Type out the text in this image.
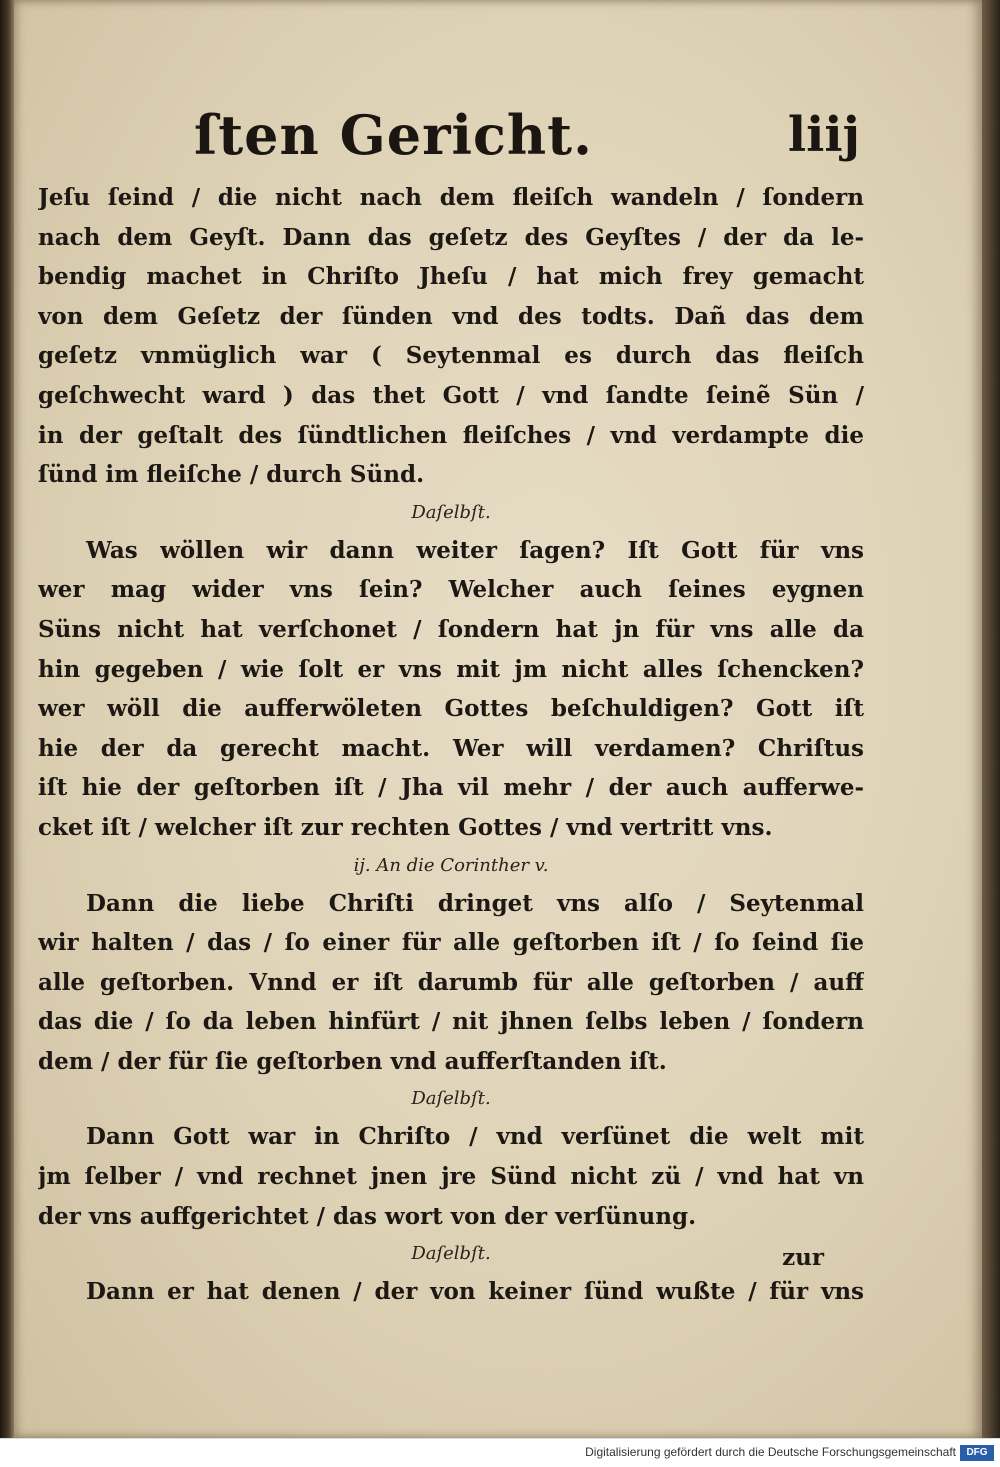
ſten Gericht.	liij
Jeſu ſeind / die nicht nach dem fleiſch wandeln / ſondern
nach dem Geyſt. Dann das geſetz des Geyſtes / der da le-
bendig machet in Chriſto Jheſu / hat mich frey gemacht
von dem Geſetz der ſünden vnd des todts. Dañ das dem
geſetz vnmüglich war ( Seytenmal es durch das fleiſch
geſchwecht ward ) das thet Gott / vnd ſandte ſeinẽ Sün /
in der geſtalt des ſündtlichen fleiſches / vnd verdampte die
ſünd im fleiſche / durch Sünd.
Daſelbſt.
Was wöllen wir dann weiter ſagen? Iſt Gott für vns
wer mag wider vns ſein? Welcher auch ſeines eygnen
Süns nicht hat verſchonet / ſondern hat jn für vns alle da
hin gegeben / wie ſolt er vns mit jm nicht alles ſchencken?
wer wöll die aufferwöleten Gottes beſchuldigen? Gott iſt
hie der da gerecht macht. Wer will verdamen? Chriſtus
iſt hie der geſtorben iſt / Jha vil mehr / der auch aufferwe-
cket iſt / welcher iſt zur rechten Gottes / vnd vertritt vns.
ij. An die Corinther v.
Dann die liebe Chriſti dringet vns alſo / Seytenmal
wir halten / das / ſo einer für alle geſtorben iſt / ſo ſeind ſie
alle geſtorben. Vnnd er iſt darumb für alle geſtorben / auff
das die / ſo da leben hinfürt / nit jhnen ſelbs leben / ſondern
dem / der für ſie geſtorben vnd aufferſtanden iſt.
Daſelbſt.
Dann Gott war in Chriſto / vnd verſünet die welt mit
jm ſelber / vnd rechnet jnen jre Sünd nicht zü / vnd hat vn
der vns auffgerichtet / das wort von der verſünung.
Daſelbſt.
Dann er hat denen / der von keiner ſünd wußte / für vns
zur
Digitalisierung gefördert durch die Deutsche Forschungsgemeinschaft	DFG
